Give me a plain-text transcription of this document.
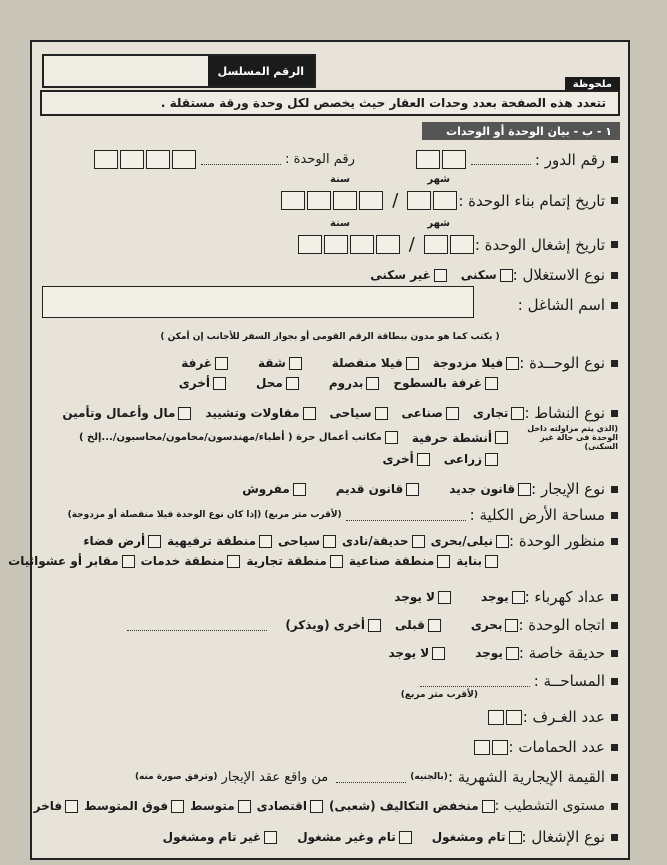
الرقم المسلسل
ملحوظة
تتعدد هذه الصفحة بعدد وحدات العقار حيث يخصص لكل وحدة ورقة مستقلة .
١ - ب - بيان الوحدة أو الوحدات
رقم الدور :
رقم الوحدة :
شهر
سنة
تاريخ إتمام بناء الوحدة :
/
شهر
سنة
تاريخ إشغال الوحدة :
/
نوع الاستغلال :
سكنى
غير سكنى
اسم الشاغل :
( يكتب كما هو مدون ببطاقة الرقم القومى أو بجواز السفر للأجانب إن أمكن )
نوع الوحــدة :
فيلا مزدوجة
فيلا منفصلة
شقة
غرفة
غرفة بالسطوح
بدروم
محل
أخرى
نوع النشاط :
تجارى
صناعى
سياحى
مقاولات وتشييد
مال وأعمال وتأمين
(الذي يتم مزاولته داخل الوحدة فى حالة غير السكنى)
أنشطة حرفية
مكاتب أعمال حرة ( أطباء/مهندسون/محامون/محاسبون/...إلخ )
زراعى
أخرى
نوع الإيجار :
قانون جديد
قانون قديم
مفروش
مساحة الأرض الكلية :
(لأقرب متر مربع) (إذا كان نوع الوحدة فيلا منفصلة أو مزدوجة)
منظور الوحدة :
نيلى/بحرى
حديقة/نادى
سياحى
منطقة ترفيهية
أرض فضاء
بناية
منطقة صناعية
منطقة تجارية
منطقة خدمات
مقابر أو عشوائيات
عداد كهرباء :
يوجد
لا يوجد
اتجاه الوحدة :
بحرى
قبلى
أخرى (ويذكر)
حديقة خاصة :
يوجد
لا يوجد
المساحــة :
(لأقرب متر مربع)
عدد الغـرف :
عدد الحمامات :
القيمة الإيجارية الشهرية :
(بالجنيه)
من واقع عقد الإيجار
(وترفق صورة منه)
مستوى التشطيب :
منخفض التكاليف (شعبى)
اقتصادى
متوسط
فوق المتوسط
فاخر
نوع الإشغال :
تام ومشغول
تام وغير مشغول
غير تام ومشغول
